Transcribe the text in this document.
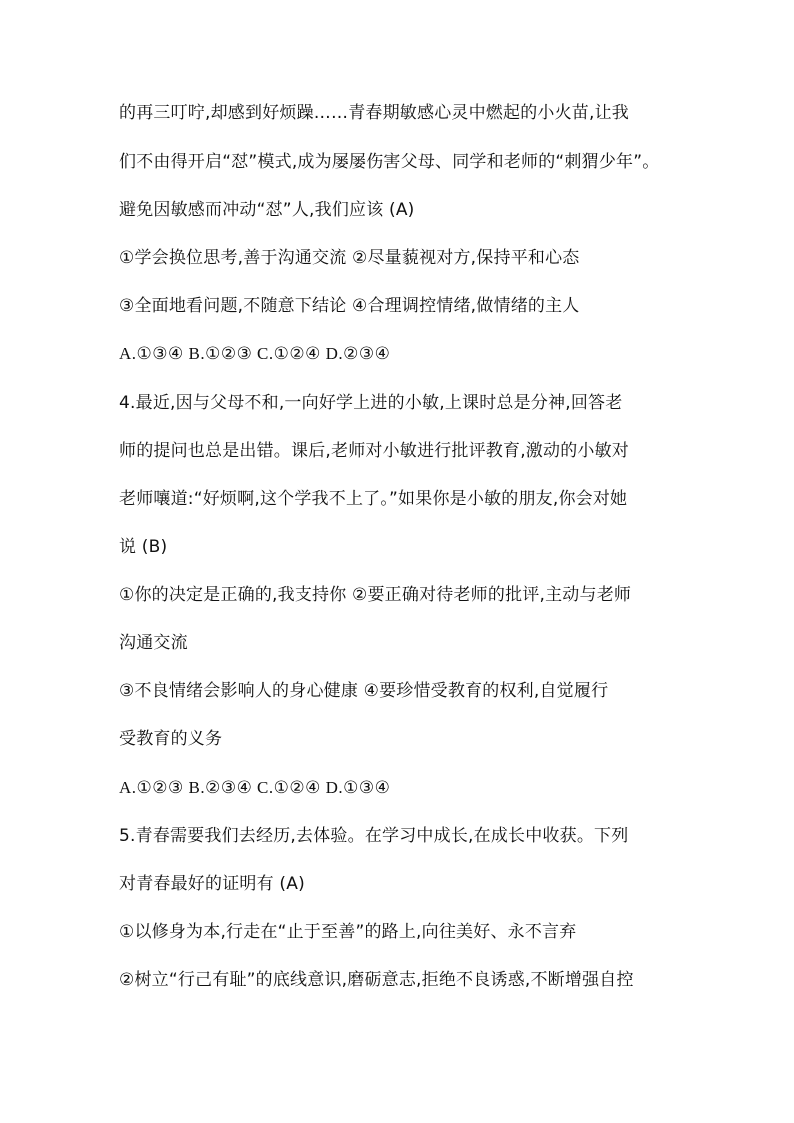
的再三叮咛,却感到好烦躁……青春期敏感心灵中燃起的小火苗,让我
们不由得开启“怼”模式,成为屡屡伤害父母、同学和老师的“刺猬少年”。
避免因敏感而冲动“怼”人,我们应该 (A)
①学会换位思考,善于沟通交流 ②尽量藐视对方,保持平和心态
③全面地看问题,不随意下结论 ④合理调控情绪,做情绪的主人
A.①③④ B.①②③ C.①②④ D.②③④
4.最近,因与父母不和,一向好学上进的小敏,上课时总是分神,回答老
师的提问也总是出错。课后,老师对小敏进行批评教育,激动的小敏对
老师嚷道:“好烦啊,这个学我不上了。”如果你是小敏的朋友,你会对她
说 (B)
①你的决定是正确的,我支持你 ②要正确对待老师的批评,主动与老师
沟通交流
③不良情绪会影响人的身心健康 ④要珍惜受教育的权利,自觉履行
受教育的义务
A.①②③ B.②③④ C.①②④ D.①③④
5.青春需要我们去经历,去体验。在学习中成长,在成长中收获。下列
对青春最好的证明有 (A)
①以修身为本,行走在“止于至善”的路上,向往美好、永不言弃
②树立“行己有耻”的底线意识,磨砺意志,拒绝不良诱惑,不断增强自控
